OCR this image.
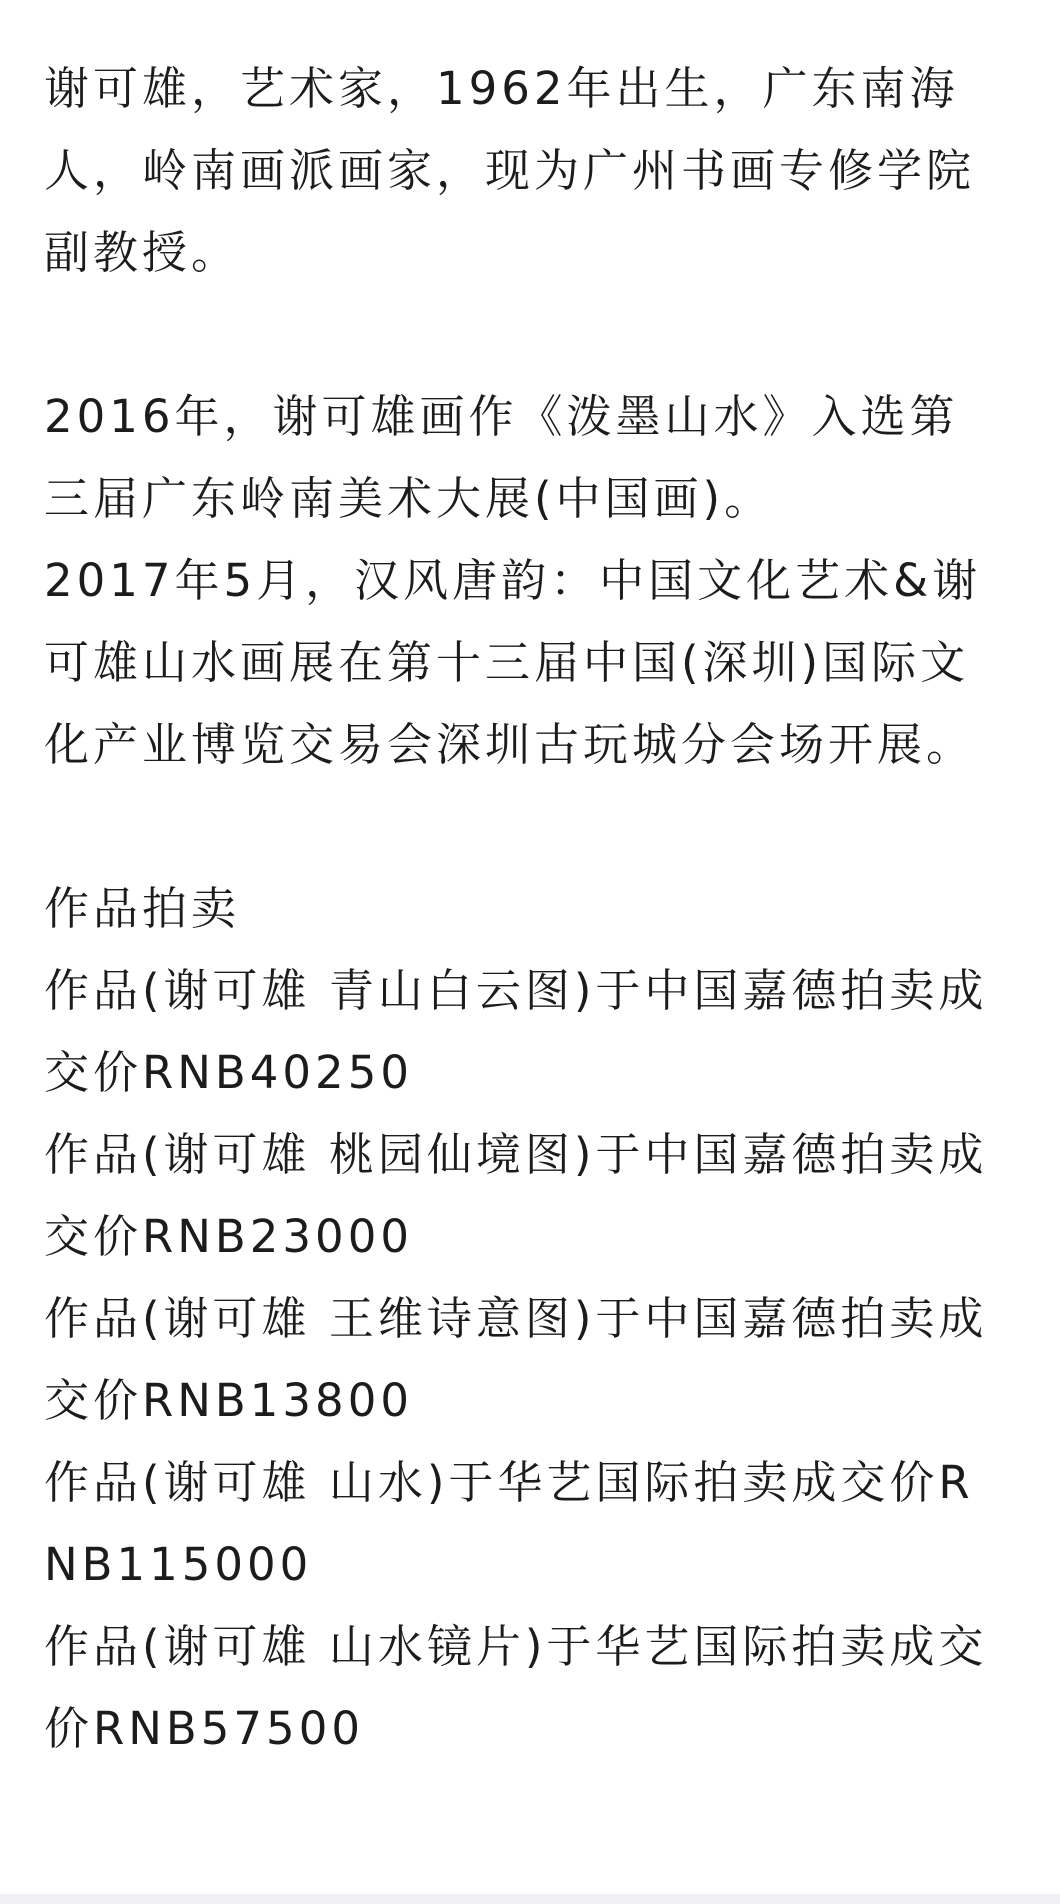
谢可雄，艺术家，1962年出生，广东南海人，岭南画派画家，现为广州书画专修学院副教授。

2016年，谢可雄画作《泼墨山水》入选第三届广东岭南美术大展(中国画)。

2017年5月，汉风唐韵：中国文化艺术&谢可雄山水画展在第十三届中国(深圳)国际文化产业博览交易会深圳古玩城分会场开展。

作品拍卖

作品(谢可雄 青山白云图)于中国嘉德拍卖成交价RNB40250

作品(谢可雄 桃园仙境图)于中国嘉德拍卖成交价RNB23000

作品(谢可雄 王维诗意图)于中国嘉德拍卖成交价RNB13800

作品(谢可雄 山水)于华艺国际拍卖成交价RNB115000

作品(谢可雄 山水镜片)于华艺国际拍卖成交价RNB57500
